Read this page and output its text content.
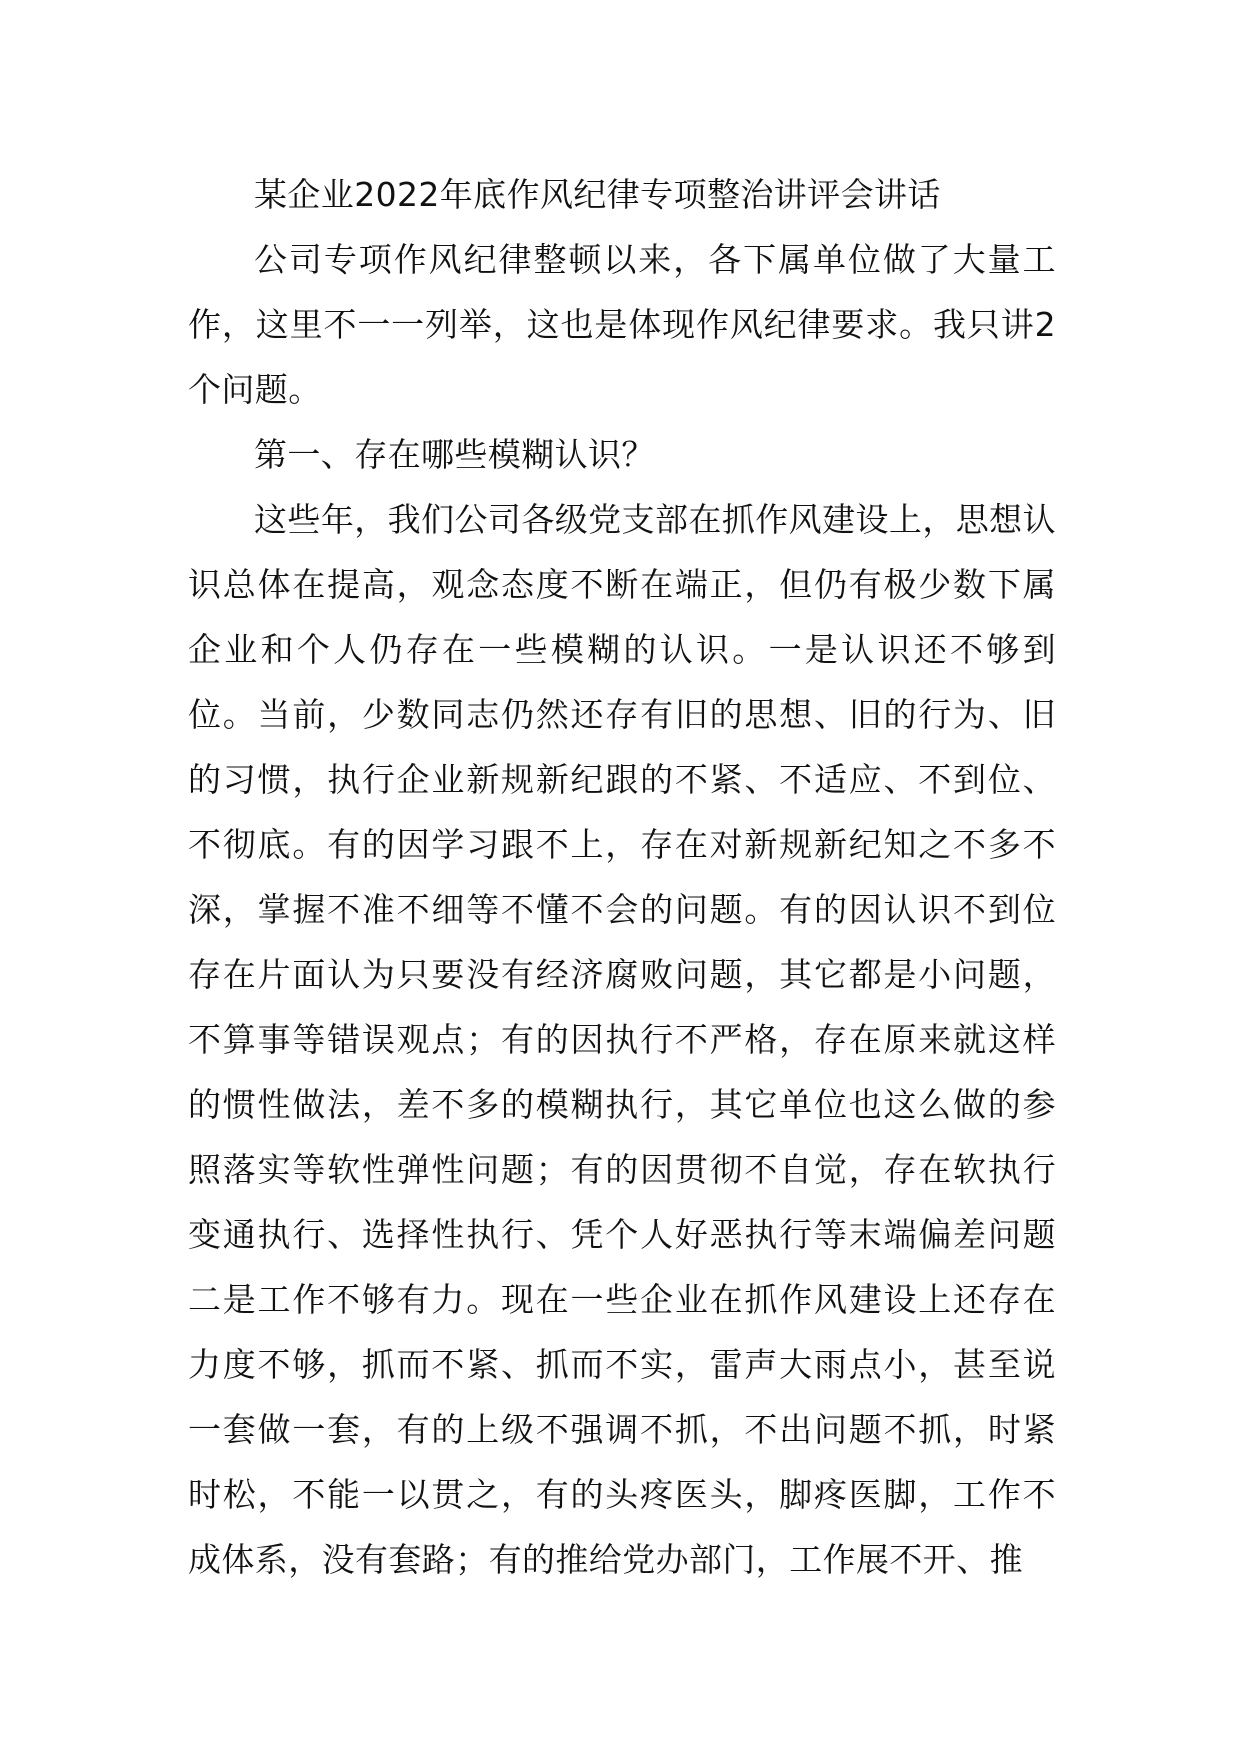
某企业2022年底作风纪律专项整治讲评会讲话

公司专项作风纪律整顿以来，各下属单位做了大量工作，这里不一一列举，这也是体现作风纪律要求。我只讲2个问题。

第一、存在哪些模糊认识？

这些年，我们公司各级党支部在抓作风建设上，思想认识总体在提高，观念态度不断在端正，但仍有极少数下属企业和个人仍存在一些模糊的认识。一是认识还不够到位。当前，少数同志仍然还存有旧的思想、旧的行为、旧的习惯，执行企业新规新纪跟的不紧、不适应、不到位、不彻底。有的因学习跟不上，存在对新规新纪知之不多不深，掌握不准不细等不懂不会的问题。有的因认识不到位存在片面认为只要没有经济腐败问题，其它都是小问题，不算事等错误观点；有的因执行不严格，存在原来就这样的惯性做法，差不多的模糊执行，其它单位也这么做的参照落实等软性弹性问题；有的因贯彻不自觉，存在软执行变通执行、选择性执行、凭个人好恶执行等末端偏差问题二是工作不够有力。现在一些企业在抓作风建设上还存在力度不够，抓而不紧、抓而不实，雷声大雨点小，甚至说一套做一套，有的上级不强调不抓，不出问题不抓，时紧时松，不能一以贯之，有的头疼医头，脚疼医脚，工作不成体系，没有套路；有的推给党办部门，工作展不开、推
